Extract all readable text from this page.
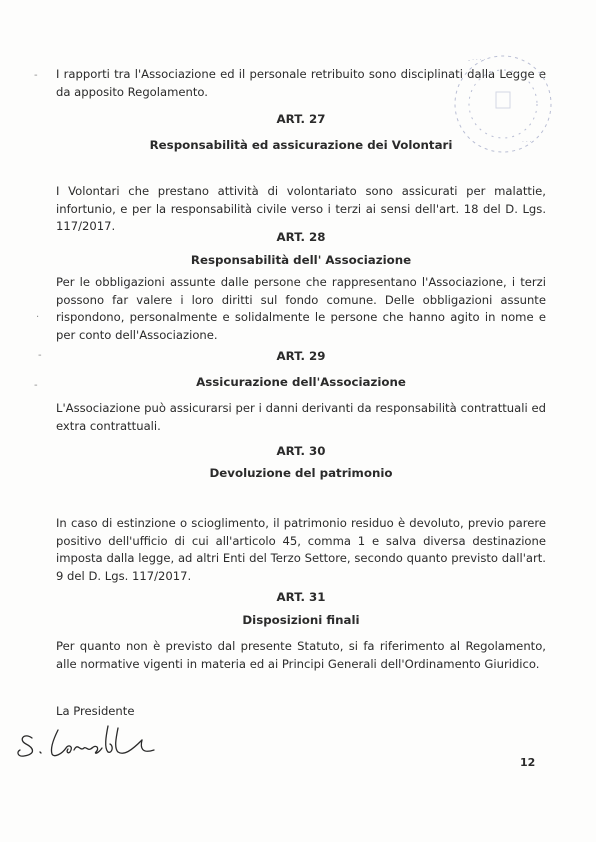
I rapporti tra l'Associazione ed il personale retribuito sono disciplinati dalla Legge e da apposito Regolamento.

ART. 27
Responsabilità ed assicurazione dei Volontari

I Volontari che prestano attività di volontariato sono assicurati per malattie, infortunio, e per la responsabilità civile verso i terzi ai sensi dell'art. 18 del D. Lgs. 117/2017.

ART. 28
Responsabilità dell' Associazione

Per le obbligazioni assunte dalle persone che rappresentano l'Associazione, i terzi possono far valere i loro diritti sul fondo comune. Delle obbligazioni assunte rispondono, personalmente e solidalmente le persone che hanno agito in nome e per conto dell'Associazione.

ART. 29
Assicurazione dell'Associazione

L'Associazione può assicurarsi per i danni derivanti da responsabilità contrattuali ed extra contrattuali.

ART. 30
Devoluzione del patrimonio

In caso di estinzione o scioglimento, il patrimonio residuo è devoluto, previo parere positivo dell'ufficio di cui all'articolo 45, comma 1 e salva diversa destinazione imposta dalla legge, ad altri Enti del Terzo Settore, secondo quanto previsto dall'art. 9 del D. Lgs. 117/2017.

ART. 31
Disposizioni finali

Per quanto non è previsto dal presente Statuto, si fa riferimento al Regolamento, alle normative vigenti in materia ed ai Principi Generali dell'Ordinamento Giuridico.

La Presidente
- · · · ·
· · ·
-
·
-
-
12
